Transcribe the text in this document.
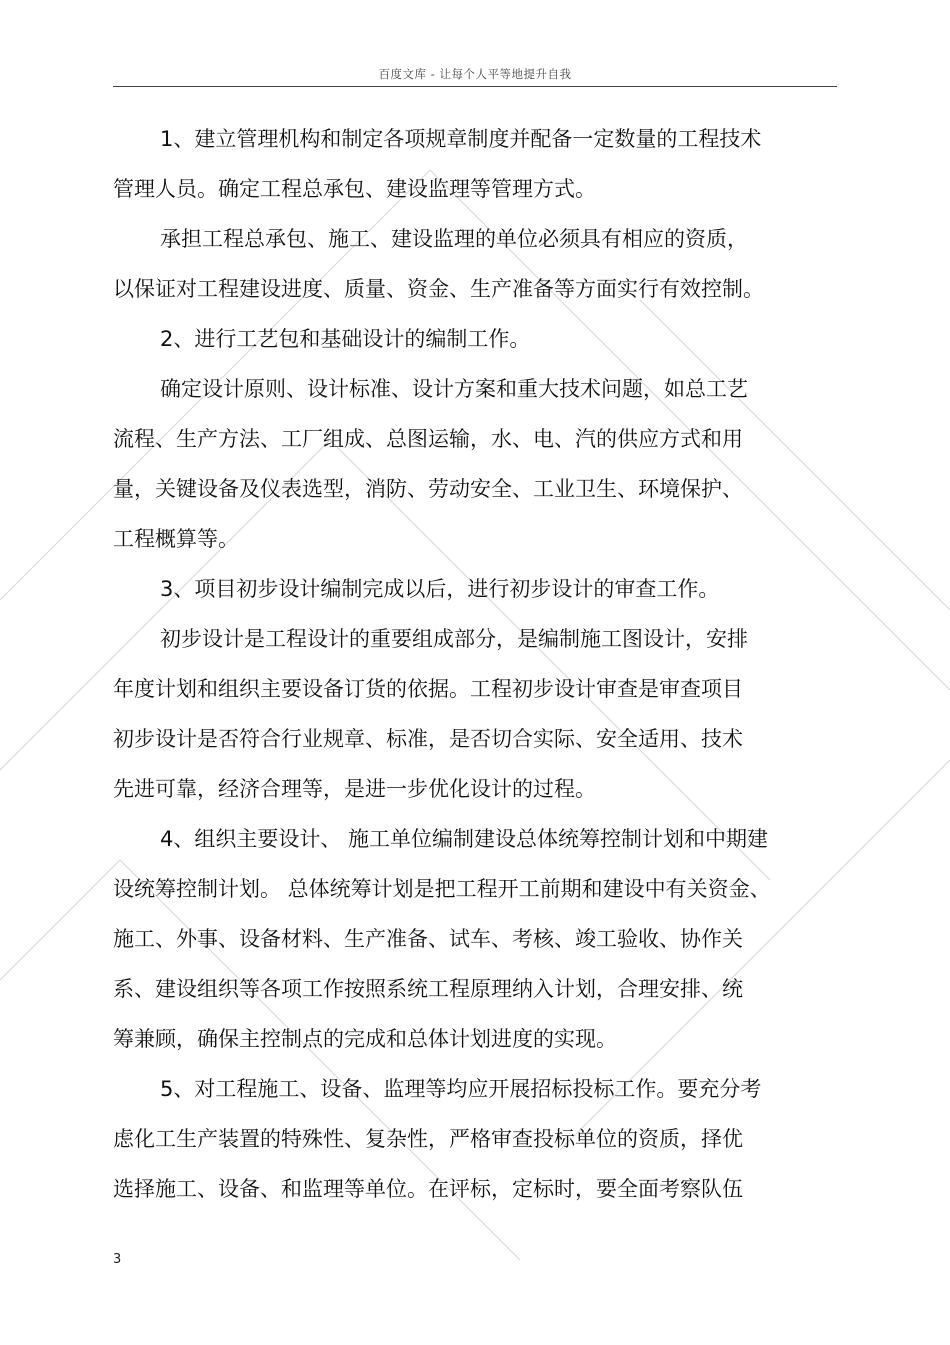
百度文库 - 让每个人平等地提升自我
1、建立管理机构和制定各项规章制度并配备一定数量的工程技术
管理人员。确定工程总承包、建设监理等管理方式。
承担工程总承包、施工、建设监理的单位必须具有相应的资质，
以保证对工程建设进度、质量、资金、生产准备等方面实行有效控制。
2、进行工艺包和基础设计的编制工作。
确定设计原则、设计标准、设计方案和重大技术问题，如总工艺
流程、生产方法、工厂组成、总图运输，水、电、汽的供应方式和用
量，关键设备及仪表选型，消防、劳动安全、工业卫生、环境保护、
工程概算等。
3、项目初步设计编制完成以后，进行初步设计的审查工作。
初步设计是工程设计的重要组成部分，是编制施工图设计，安排
年度计划和组织主要设备订货的依据。工程初步设计审查是审查项目
初步设计是否符合行业规章、标准，是否切合实际、安全适用、技术
先进可靠，经济合理等，是进一步优化设计的过程。
4、组织主要设计、 施工单位编制建设总体统筹控制计划和中期建
设统筹控制计划。 总体统筹计划是把工程开工前期和建设中有关资金、
施工、外事、设备材料、生产准备、试车、考核、竣工验收、协作关
系、建设组织等各项工作按照系统工程原理纳入计划，合理安排、统
筹兼顾，确保主控制点的完成和总体计划进度的实现。
5、对工程施工、设备、监理等均应开展招标投标工作。要充分考
虑化工生产装置的特殊性、复杂性，严格审查投标单位的资质，择优
选择施工、设备、和监理等单位。在评标，定标时，要全面考察队伍
3
